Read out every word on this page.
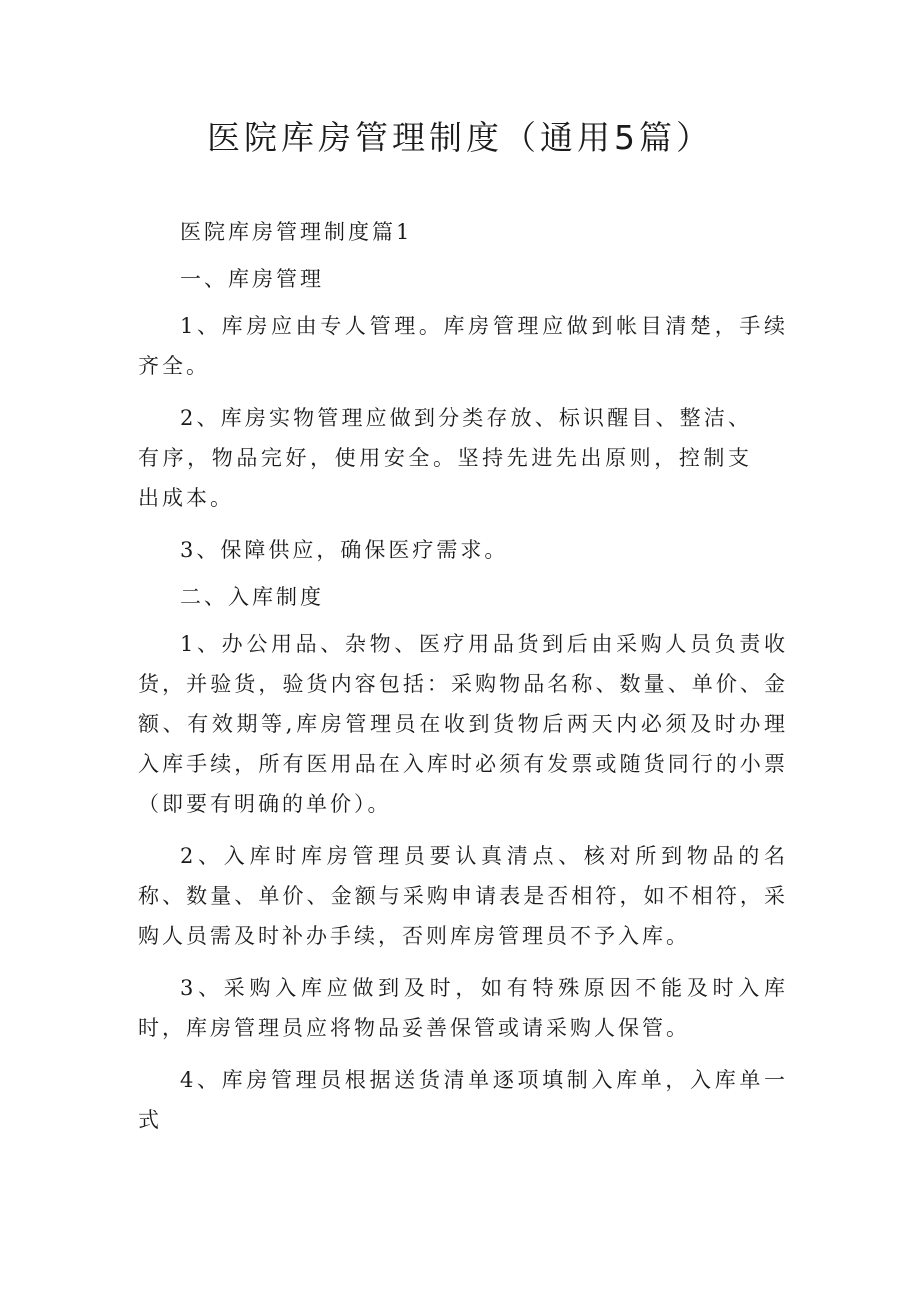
医院库房管理制度（通用5篇）

医院库房管理制度篇1

一、库房管理

1、库房应由专人管理。库房管理应做到帐目清楚，手续齐全。

2、库房实物管理应做到分类存放、标识醒目、整洁、有序，物品完好，使用安全。坚持先进先出原则，控制支出成本。

3、保障供应，确保医疗需求。

二、入库制度

1、办公用品、杂物、医疗用品货到后由采购人员负责收货，并验货，验货内容包括：采购物品名称、数量、单价、金额、有效期等,库房管理员在收到货物后两天内必须及时办理入库手续，所有医用品在入库时必须有发票或随货同行的小票（即要有明确的单价）。

2、入库时库房管理员要认真清点、核对所到物品的名称、数量、单价、金额与采购申请表是否相符，如不相符，采购人员需及时补办手续，否则库房管理员不予入库。

3、采购入库应做到及时，如有特殊原因不能及时入库时，库房管理员应将物品妥善保管或请采购人保管。

4、库房管理员根据送货清单逐项填制入库单，入库单一式
